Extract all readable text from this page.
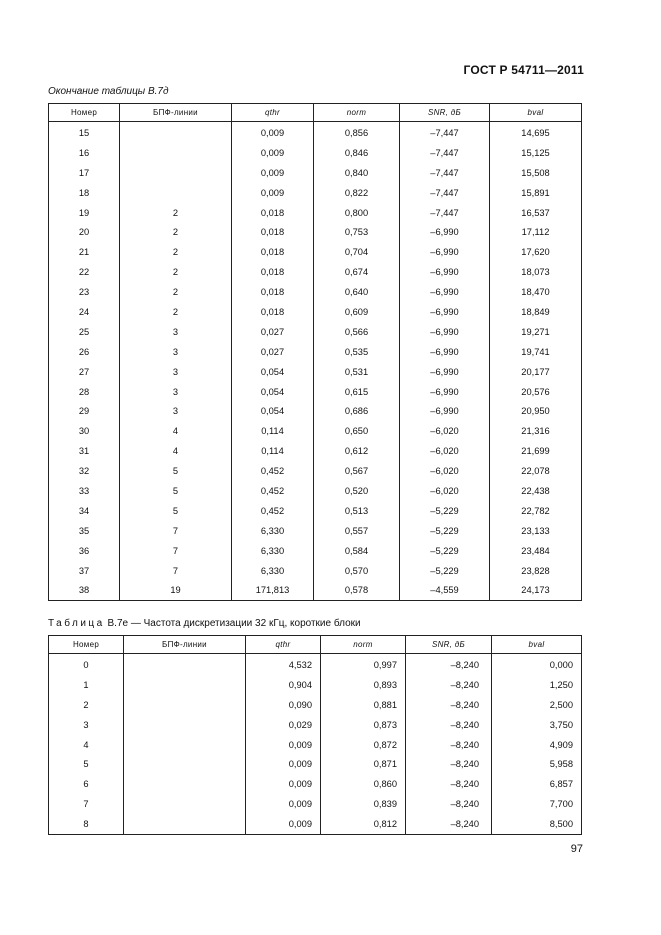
ГОСТ Р 54711—2011
Окончание таблицы В.7д
Номер	БПФ-линии	qthr	norm	SNR, дБ	bval
15		0,009	0,856	–7,447	14,695
16		0,009	0,846	–7,447	15,125
17		0,009	0,840	–7,447	15,508
18		0,009	0,822	–7,447	15,891
19	2	0,018	0,800	–7,447	16,537
20	2	0,018	0,753	–6,990	17,112
21	2	0,018	0,704	–6,990	17,620
22	2	0,018	0,674	–6,990	18,073
23	2	0,018	0,640	–6,990	18,470
24	2	0,018	0,609	–6,990	18,849
25	3	0,027	0,566	–6,990	19,271
26	3	0,027	0,535	–6,990	19,741
27	3	0,054	0,531	–6,990	20,177
28	3	0,054	0,615	–6,990	20,576
29	3	0,054	0,686	–6,990	20,950
30	4	0,114	0,650	–6,020	21,316
31	4	0,114	0,612	–6,020	21,699
32	5	0,452	0,567	–6,020	22,078
33	5	0,452	0,520	–6,020	22,438
34	5	0,452	0,513	–5,229	22,782
35	7	6,330	0,557	–5,229	23,133
36	7	6,330	0,584	–5,229	23,484
37	7	6,330	0,570	–5,229	23,828
38	19	171,813	0,578	–4,559	24,173
Таблица В.7е — Частота дискретизации 32 кГц, короткие блоки
Номер	БПФ-линии	qthr	norm	SNR, дБ	bval
0		4,532	0,997	–8,240	0,000
1		0,904	0,893	–8,240	1,250
2		0,090	0,881	–8,240	2,500
3		0,029	0,873	–8,240	3,750
4		0,009	0,872	–8,240	4,909
5		0,009	0,871	–8,240	5,958
6		0,009	0,860	–8,240	6,857
7		0,009	0,839	–8,240	7,700
8		0,009	0,812	–8,240	8,500
97
